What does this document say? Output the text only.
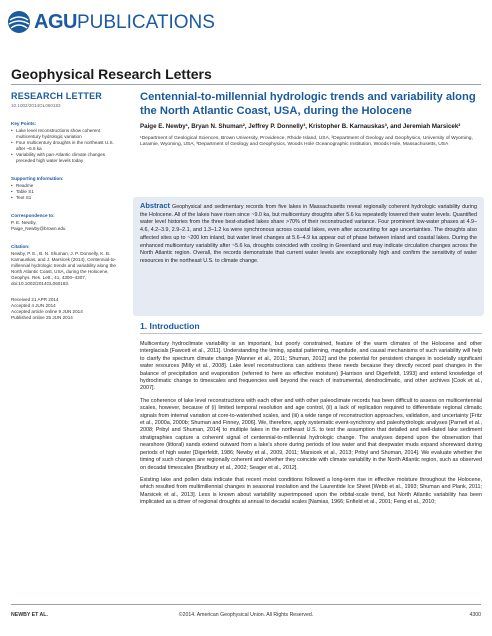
AGUPUBLICATIONS
Geophysical Research Letters
RESEARCH LETTER
10.1002/2014GL060183
Key Points:
• Lake level reconstructions show coherent multicentury hydrologic variation
• Four multicentury droughts in the northeast U.S. after ~5.6 ka
• Variability with pan-Atlantic climate changes preceded high water levels today
Supporting Information:
• Readme
• Table S1
• Text S1
Correspondence to:
P. E. Newby,
Paige_Newby@brown.edu
Citation:
Newby, P. E., B. N. Shuman, J. P. Donnelly, K. B. Karnauskas, and J. Marsicek (2014), Centennial-to-millennial hydrologic trends and variability along the North Atlantic Coast, USA, during the Holocene, Geophys. Res. Lett., 41, 4300–4307, doi:10.1002/2014GL060183.
Received 21 APR 2014
Accepted 4 JUN 2014
Accepted article online 9 JUN 2014
Published online 25 JUN 2014
Centennial-to-millennial hydrologic trends and variability along the North Atlantic Coast, USA, during the Holocene
Paige E. Newby¹, Bryan N. Shuman², Jeffrey P. Donnelly³, Kristopher B. Karnauskas³, and Jeremiah Marsicek²
¹Department of Geological Sciences, Brown University, Providence, Rhode Island, USA, ²Department of Geology and Geophysics, University of Wyoming, Laramie, Wyoming, USA, ³Department of Geology and Geophysics, Woods Hole Oceanographic Institution, Woods Hole, Massachusetts, USA

Abstract Geophysical and sedimentary records from five lakes in Massachusetts reveal regionally coherent hydrologic variability during the Holocene. All of the lakes have risen since ~9.0 ka, but multicentury droughts after 5.6 ka repeatedly lowered their water levels. Quantified water level histories from the three best-studied lakes share >70% of their reconstructed variance. Four prominent low-water phases at 4.9–4.6, 4.2–3.9, 2.9–2.1, and 1.3–1.2 ka were synchronous across coastal lakes, even after accounting for age uncertainties. The droughts also affected sites up to ~200 km inland, but water level changes at 5.6–4.9 ka appear out of phase between inland and coastal lakes. During the enhanced multicentury variability after ~5.6 ka, droughts coincided with cooling in Greenland and may indicate circulation changes across the North Atlantic region. Overall, the records demonstrate that current water levels are exceptionally high and confirm the sensitivity of water resources in the northeast U.S. to climate change.

1. Introduction

Multicentury hydroclimate variability is an important, but poorly constrained, feature of the warm climates of the Holocene and other interglacials [Fawcett et al., 2011]. Understanding the timing, spatial patterning, magnitude, and causal mechanisms of such variability will help to clarify the spectrum climate change [Wanner et al., 2011; Shuman, 2012] and the potential for persistent changes in societally significant water resources [Milly et al., 2008]. Lake level reconstructions can address these needs because they directly record past changes in the balance of precipitation and evaporation (referred to here as effective moisture) [Harrison and Digerfeldt, 1993] and extend knowledge of hydroclimatic change to timescales and frequencies well beyond the reach of instrumental, dendroclimatic, and other archives [Cook et al., 2007].

The coherence of lake level reconstructions with each other and with other paleoclimate records has been difficult to assess on multicentennial scales, however, because of (i) limited temporal resolution and age control, (ii) a lack of replication required to differentiate regional climatic signals from internal variation at core-to-watershed scales, and (iii) a wide range of reconstruction approaches, validation, and uncertainty [Fritz et al., 2000a, 2000b; Shuman and Finney, 2006]. We, therefore, apply systematic event-synchrony and paleohydrologic analyses [Parnell et al., 2008; Pribyl and Shuman, 2014] to multiple lakes in the northeast U.S. to test the assumption that detailed and well-dated lake sediment stratigraphies capture a coherent signal of centennial-to-millennial hydrologic change. The analyses depend upon the observation that nearshore (littoral) sands extend outward from a lake's shore during periods of low water and that deepwater muds expand shoreward during periods of high water [Digerfeldt, 1986; Newby et al., 2009, 2011; Marsicek et al., 2013; Pribyl and Shuman, 2014]. We evaluate whether the timing of such changes are regionally coherent and whether they coincide with climate variability in the North Atlantic region, such as observed on decadal timescales [Bradbury et al., 2002; Seager et al., 2012].

Existing lake and pollen data indicate that recent moist conditions followed a long-term rise in effective moisture throughout the Holocene, which resulted from multimillennial changes in seasonal insolation and the Laurentide Ice Sheet [Webb et al., 1993; Shuman and Plank, 2011; Marsicek et al., 2013]. Less is known about variability superimposed upon the orbital-scale trend, but North Atlantic variability has been implicated as a driver of regional droughts at annual to decadal scales [Namias, 1966; Enfield et al., 2001; Feng et al., 2010;

NEWBY ET AL.	©2014. American Geophysical Union. All Rights Reserved.	4300
